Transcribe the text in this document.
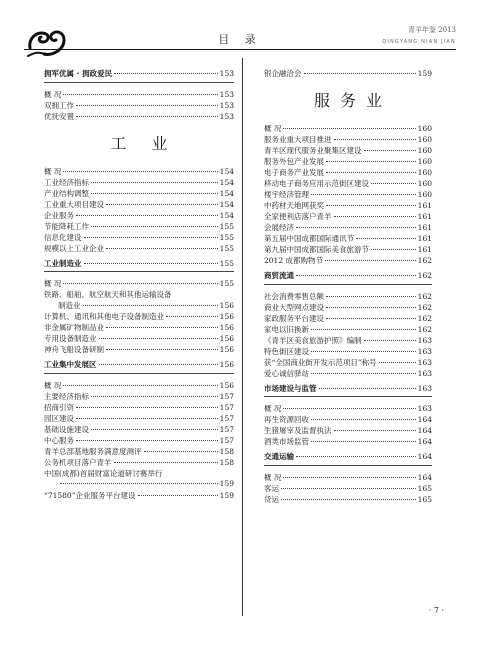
目 录
青羊年鉴 2013
QINGYANG NIAN JIAN
拥军优属 · 拥政爱民	153
概 况	153
双拥工作	153
优抚安置	153
工 业
概 况	154
工业经济指标	154
产业结构调整	154
工业重大项目建设	154
企业服务	154
节能降耗工作	155
信息化建设	155
规模以上工业企业	155
工业制造业	155
概 况	155
铁路、船舶、航空航天和其他运输设备
制造业	156
计算机、通讯和其他电子设备制造业	156
非金属矿物制品业	156
专用设备制造业	156
神舟飞船设备研制	156
工业集中发展区	156
概 况	156
主要经济指标	157
招商引资	157
园区建设	157
基础设施建设	157
中心服务	157
青羊总部基地服务满意度测评	158
公务机项目落户青羊	158
中国(成都)首届财富论道研讨赛举行
159
“71580”企业服务平台建设	159
银企融洽会	159
服务业
概 况	160
服务业重大项目推进	160
青羊区现代服务业聚集区建设	160
服务外包产业发展	160
电子商务产业发展	160
移动电子商务应用示范街区建设	160
楼宇经济管理	160
中药材天地网获奖	161
全家便利店落户青羊	161
会展经济	161
第五届中国成都国际通讯节	161
第九届中国成都国际美食旅游节	161
2012 成都购物节	162
商贸流通	162
社会消费零售总额	162
商业大型网点建设	162
家政服务平台建设	162
家电以旧换新	162
《青羊区美食旅游护照》编制	163
特色街区建设	163
获“全国商业街开发示范项目”称号	163
爱心诚信驿站	163
市场建设与监管	163
概 况	163
再生资源回收	164
生猪屠宰及监督执法	164
酒类市场监管	164
交通运输	164
概 况	164
客运	165
货运	165
· 7 ·
